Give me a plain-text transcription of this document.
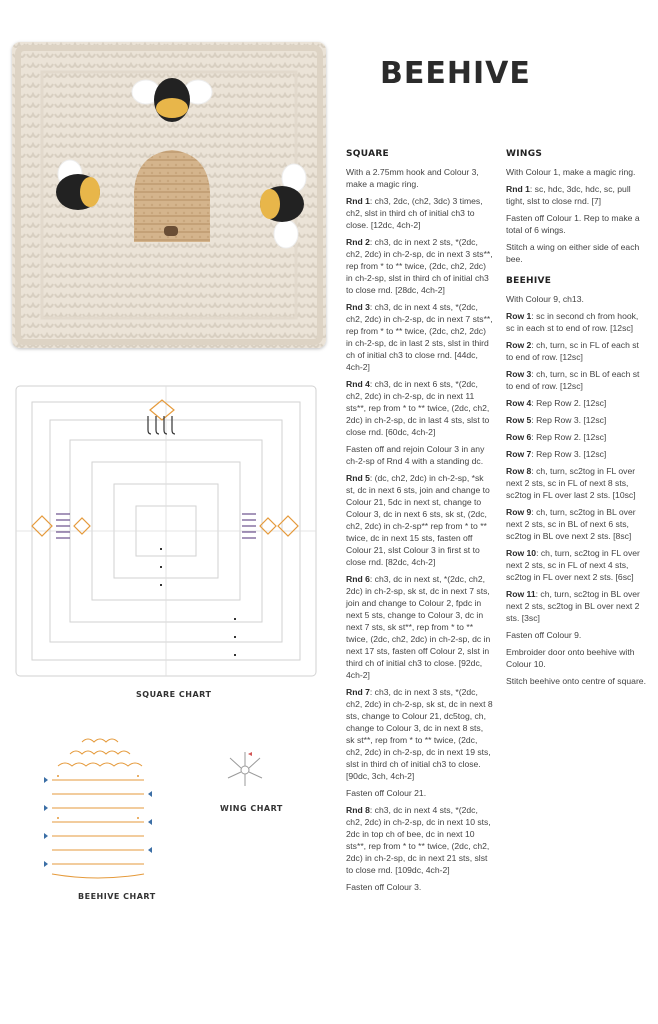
BEEHIVE
SQUARE CHART
BEEHIVE CHART
WING CHART
SQUARE

With a 2.75mm hook and Colour 3, make a magic ring.

Rnd 1: ch3, 2dc, (ch2, 3dc) 3 times, ch2, slst in third ch of initial ch3 to close. [12dc, 4ch-2]

Rnd 2: ch3, dc in next 2 sts, *(2dc, ch2, 2dc) in ch-2-sp, dc in next 3 sts**, rep from * to ** twice, (2dc, ch2, 2dc) in ch-2-sp, slst in third ch of initial ch3 to close rnd. [28dc, 4ch-2]

Rnd 3: ch3, dc in next 4 sts, *(2dc, ch2, 2dc) in ch-2-sp, dc in next 7 sts**, rep from * to ** twice, (2dc, ch2, 2dc) in ch-2-sp, dc in last 2 sts, slst in third ch of initial ch3 to close rnd. [44dc, 4ch-2]

Rnd 4: ch3, dc in next 6 sts, *(2dc, ch2, 2dc) in ch-2-sp, dc in next 11 sts**, rep from * to ** twice, (2dc, ch2, 2dc) in ch-2-sp, dc in last 4 sts, slst to close rnd. [60dc, 4ch-2]

Fasten off and rejoin Colour 3 in any ch-2-sp of Rnd 4 with a standing dc.

Rnd 5: (dc, ch2, 2dc) in ch-2-sp, *sk st, dc in next 6 sts, join and change to Colour 21, 5dc in next st, change to Colour 3, dc in next 6 sts, sk st, (2dc, ch2, 2dc) in ch-2-sp** rep from * to ** twice, dc in next 15 sts, fasten off Colour 21, slst Colour 3 in first st to close rnd. [82dc, 4ch-2]

Rnd 6: ch3, dc in next st, *(2dc, ch2, 2dc) in ch-2-sp, sk st, dc in next 7 sts, join and change to Colour 2, fpdc in next 5 sts, change to Colour 3, dc in next 7 sts, sk st**, rep from * to ** twice, (2dc, ch2, 2dc) in ch-2-sp, dc in next 17 sts, fasten off Colour 2, slst in third ch of initial ch3 to close. [92dc, 4ch-2]

Rnd 7: ch3, dc in next 3 sts, *(2dc, ch2, 2dc) in ch-2-sp, sk st, dc in next 8 sts, change to Colour 21, dc5tog, ch, change to Colour 3, dc in next 8 sts, sk st**, rep from * to ** twice, (2dc, ch2, 2dc) in ch-2-sp, dc in next 19 sts, slst in third ch of initial ch3 to close. [90dc, 3ch, 4ch-2]

Fasten off Colour 21.

Rnd 8: ch3, dc in next 4 sts, *(2dc, ch2, 2dc) in ch-2-sp, dc in next 10 sts, 2dc in top ch of bee, dc in next 10 sts**, rep from * to ** twice, (2dc, ch2, 2dc) in ch-2-sp, dc in next 21 sts, slst to close rnd. [109dc, 4ch-2]

Fasten off Colour 3.

WINGS

With Colour 1, make a magic ring.

Rnd 1: sc, hdc, 3dc, hdc, sc, pull tight, slst to close rnd. [7]

Fasten off Colour 1. Rep to make a total of 6 wings.

Stitch a wing on either side of each bee.

BEEHIVE

With Colour 9, ch13.

Row 1: sc in second ch from hook, sc in each st to end of row. [12sc]

Row 2: ch, turn, sc in FL of each st to end of row. [12sc]

Row 3: ch, turn, sc in BL of each st to end of row. [12sc]

Row 4: Rep Row 2. [12sc]

Row 5: Rep Row 3. [12sc]

Row 6: Rep Row 2. [12sc]

Row 7: Rep Row 3. [12sc]

Row 8: ch, turn, sc2tog in FL over next 2 sts, sc in FL of next 8 sts, sc2tog in FL over last 2 sts. [10sc]

Row 9: ch, turn, sc2tog in BL over next 2 sts, sc in BL of next 6 sts, sc2tog in BL ove next 2 sts. [8sc]

Row 10: ch, turn, sc2tog in FL over next 2 sts, sc in FL of next 4 sts, sc2tog in FL over next 2 sts. [6sc]

Row 11: ch, turn, sc2tog in BL over next 2 sts, sc2tog in BL over next 2 sts. [3sc]

Fasten off Colour 9.

Embroider door onto beehive with Colour 10.

Stitch beehive onto centre of square.
